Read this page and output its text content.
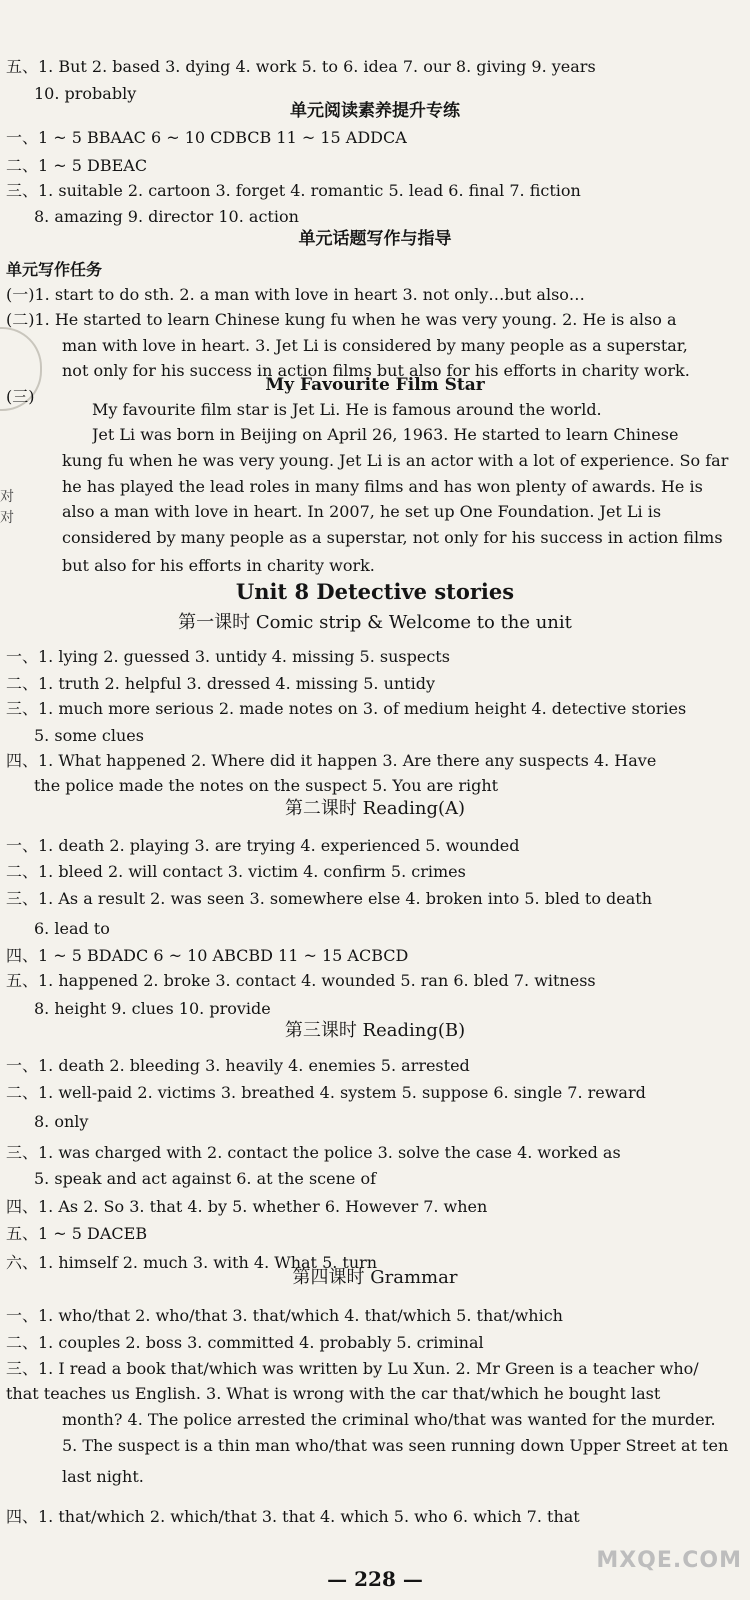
五、1. But 2. based 3. dying 4. work 5. to 6. idea 7. our 8. giving 9. years
10. probably
单元阅读素养提升专练
一、1 ~ 5 BBAAC 6 ~ 10 CDBCB 11 ~ 15 ADDCA
二、1 ~ 5 DBEAC
三、1. suitable 2. cartoon 3. forget 4. romantic 5. lead 6. final 7. fiction
8. amazing 9. director 10. action
单元话题写作与指导
单元写作任务
(一)1. start to do sth. 2. a man with love in heart 3. not only…but also…
(二)1. He started to learn Chinese kung fu when he was very young. 2. He is also a
man with love in heart. 3. Jet Li is considered by many people as a superstar,
not only for his success in action films but also for his efforts in charity work.
(三)
My Favourite Film Star
My favourite film star is Jet Li. He is famous around the world.
Jet Li was born in Beijing on April 26, 1963. He started to learn Chinese
kung fu when he was very young. Jet Li is an actor with a lot of experience. So far
he has played the lead roles in many films and has won plenty of awards. He is
also a man with love in heart. In 2007, he set up One Foundation. Jet Li is
considered by many people as a superstar, not only for his success in action films
but also for his efforts in charity work.
对
对
Unit 8 Detective stories
第一课时 Comic strip & Welcome to the unit
一、1. lying 2. guessed 3. untidy 4. missing 5. suspects
二、1. truth 2. helpful 3. dressed 4. missing 5. untidy
三、1. much more serious 2. made notes on 3. of medium height 4. detective stories
5. some clues
四、1. What happened 2. Where did it happen 3. Are there any suspects 4. Have
the police made the notes on the suspect 5. You are right
第二课时 Reading(A)
一、1. death 2. playing 3. are trying 4. experienced 5. wounded
二、1. bleed 2. will contact 3. victim 4. confirm 5. crimes
三、1. As a result 2. was seen 3. somewhere else 4. broken into 5. bled to death
6. lead to
四、1 ~ 5 BDADC 6 ~ 10 ABCBD 11 ~ 15 ACBCD
五、1. happened 2. broke 3. contact 4. wounded 5. ran 6. bled 7. witness
8. height 9. clues 10. provide
第三课时 Reading(B)
一、1. death 2. bleeding 3. heavily 4. enemies 5. arrested
二、1. well-paid 2. victims 3. breathed 4. system 5. suppose 6. single 7. reward
8. only
三、1. was charged with 2. contact the police 3. solve the case 4. worked as
5. speak and act against 6. at the scene of
四、1. As 2. So 3. that 4. by 5. whether 6. However 7. when
五、1 ~ 5 DACEB
六、1. himself 2. much 3. with 4. What 5. turn
第四课时 Grammar
一、1. who/that 2. who/that 3. that/which 4. that/which 5. that/which
二、1. couples 2. boss 3. committed 4. probably 5. criminal
三、1. I read a book that/which was written by Lu Xun. 2. Mr Green is a teacher who/
that teaches us English. 3. What is wrong with the car that/which he bought last
month? 4. The police arrested the criminal who/that was wanted for the murder.
5. The suspect is a thin man who/that was seen running down Upper Street at ten
last night.
四、1. that/which 2. which/that 3. that 4. which 5. who 6. which 7. that
— 228 —
MXQE.COM
